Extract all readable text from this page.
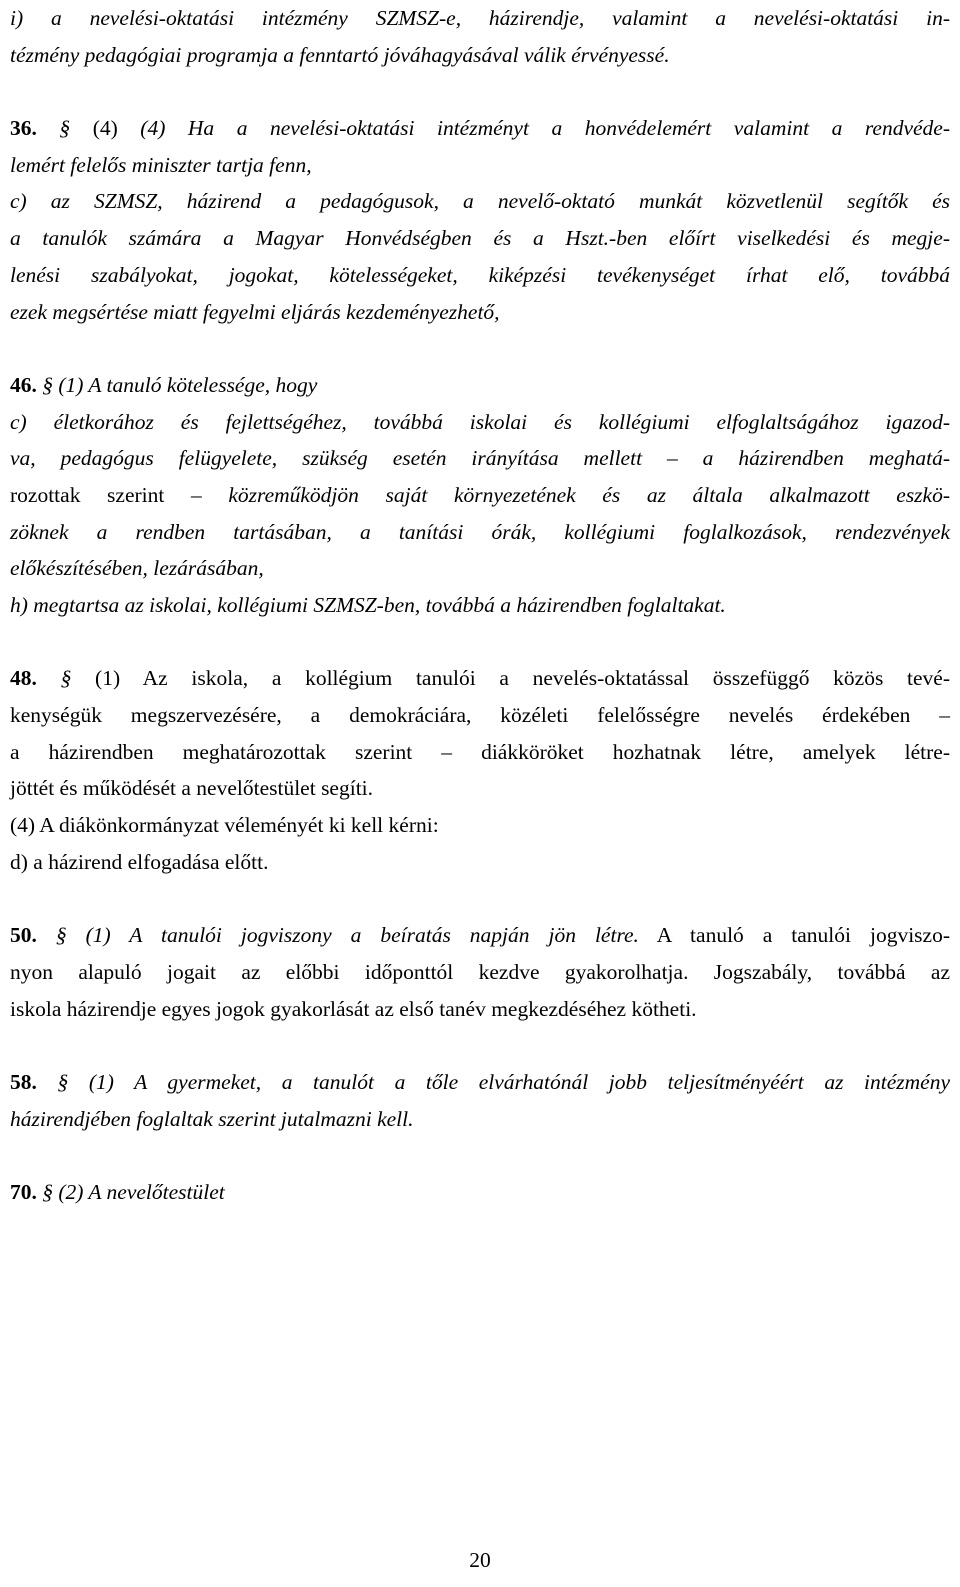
i) a nevelési-oktatási intézmény SZMSZ-e, házirendje, valamint a nevelési-oktatási in-
tézmény pedagógiai programja a fenntartó jóváhagyásával válik érvényessé.
36. § (4) (4) Ha a nevelési-oktatási intézményt a honvédelemért valamint a rendvéde-
lemért felelős miniszter tartja fenn,
c) az SZMSZ, házirend a pedagógusok, a nevelő-oktató munkát közvetlenül segítők és
a tanulók számára a Magyar Honvédségben és a Hszt.-ben előírt viselkedési és megje-
lenési szabályokat, jogokat, kötelességeket, kiképzési tevékenységet írhat elő, továbbá
ezek megsértése miatt fegyelmi eljárás kezdeményezhető,
46. § (1) A tanuló kötelessége, hogy
c) életkorához és fejlettségéhez, továbbá iskolai és kollégiumi elfoglaltságához igazod-
va, pedagógus felügyelete, szükség esetén irányítása mellett – a házirendben meghatá-
rozottak szerint – közreműködjön saját környezetének és az általa alkalmazott eszkö-
zöknek a rendben tartásában, a tanítási órák, kollégiumi foglalkozások, rendezvények
előkészítésében, lezárásában,
h) megtartsa az iskolai, kollégiumi SZMSZ-ben, továbbá a házirendben foglaltakat.
48. § (1) Az iskola, a kollégium tanulói a nevelés-oktatással összefüggő közös tevé-
kenységük megszervezésére, a demokráciára, közéleti felelősségre nevelés érdekében –
a házirendben meghatározottak szerint – diákköröket hozhatnak létre, amelyek létre-
jöttét és működését a nevelőtestület segíti.
(4) A diákönkormányzat véleményét ki kell kérni:
d) a házirend elfogadása előtt.
50. § (1) A tanulói jogviszony a beíratás napján jön létre. A tanuló a tanulói jogviszo-
nyon alapuló jogait az előbbi időponttól kezdve gyakorolhatja. Jogszabály, továbbá az
iskola házirendje egyes jogok gyakorlását az első tanév megkezdéséhez kötheti.
58. § (1) A gyermeket, a tanulót a tőle elvárhatónál jobb teljesítményéért az intézmény
házirendjében foglaltak szerint jutalmazni kell.
70. § (2) A nevelőtestület
20
